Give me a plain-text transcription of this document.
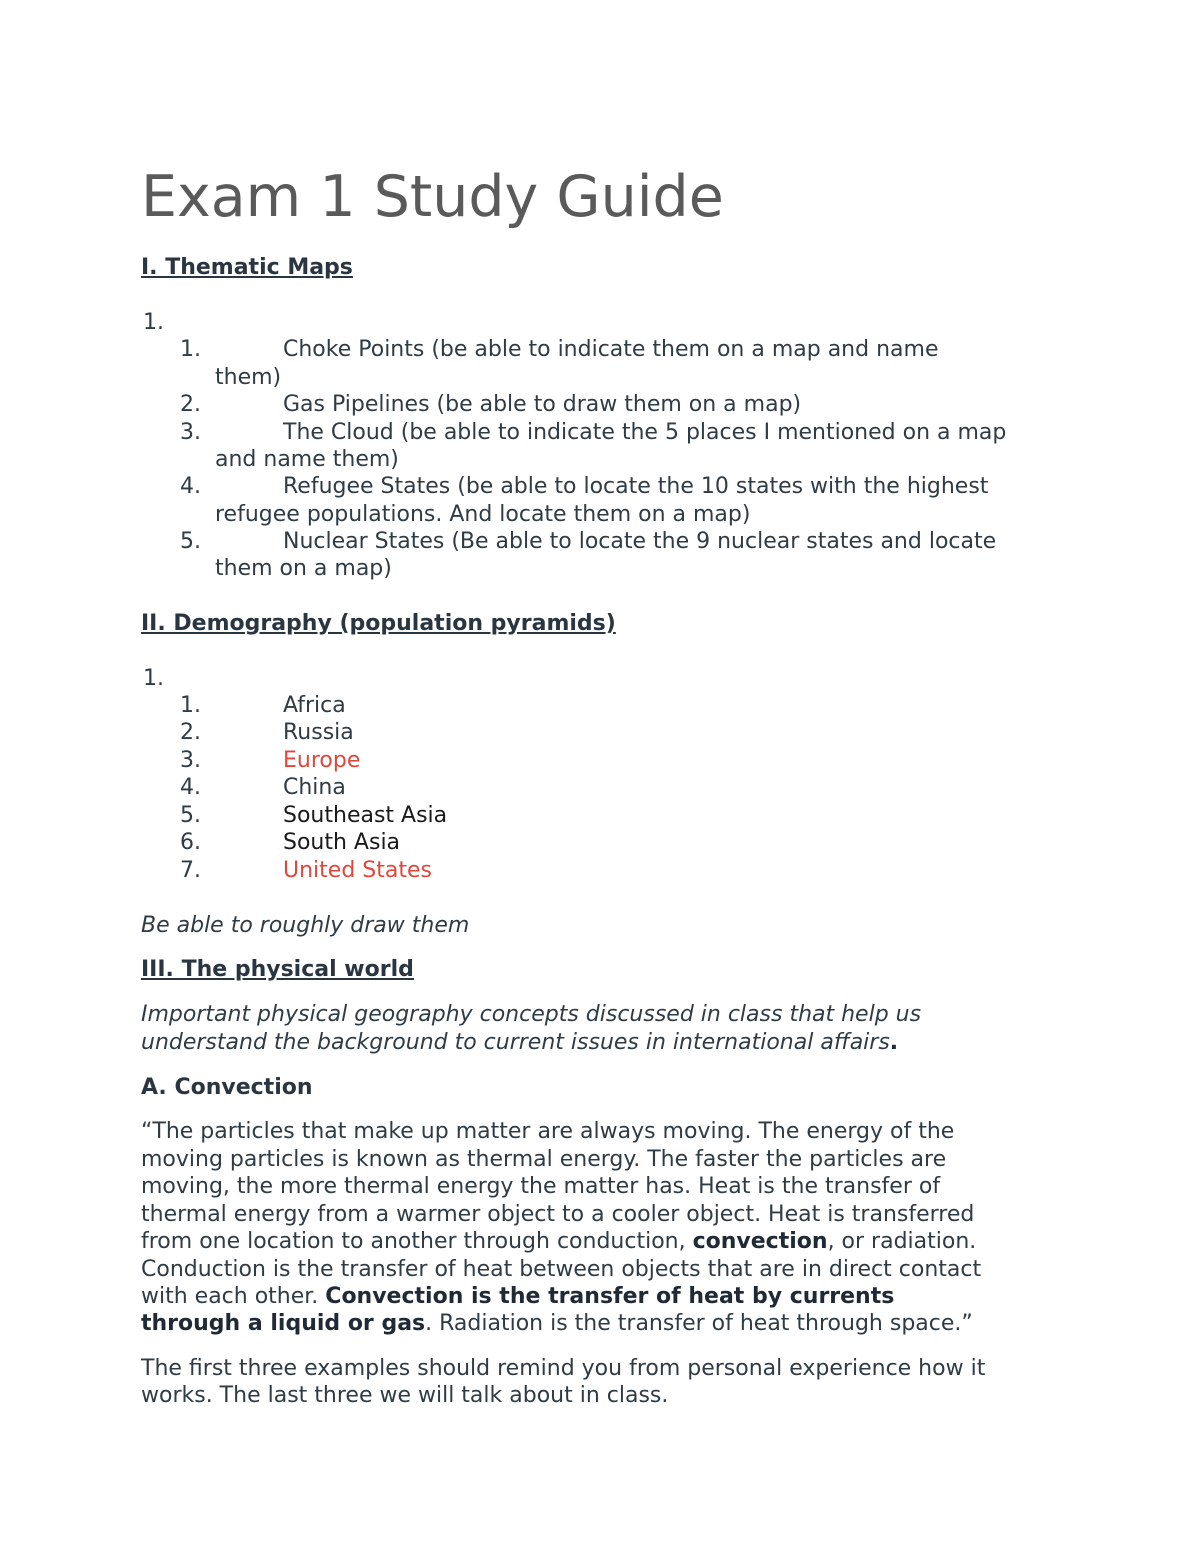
Exam 1 Study Guide
I. Thematic Maps
1.
1.	Choke Points (be able to indicate them on a map and name
them)
2.	Gas Pipelines (be able to draw them on a map)
3.	The Cloud (be able to indicate the 5 places I mentioned on a map
and name them)
4.	Refugee States (be able to locate the 10 states with the highest
refugee populations. And locate them on a map)
5.	Nuclear States (Be able to locate the 9 nuclear states and locate
them on a map)
II. Demography (population pyramids)
1.
1.	Africa
2.	Russia
3.	Europe
4.	China
5.	Southeast Asia
6.	South Asia
7.	United States
Be able to roughly draw them
III. The physical world
Important physical geography concepts discussed in class that help us
understand the background to current issues in international affairs.
A. Convection
“The particles that make up matter are always moving. The energy of the
moving particles is known as thermal energy. The faster the particles are
moving, the more thermal energy the matter has. Heat is the transfer of
thermal energy from a warmer object to a cooler object. Heat is transferred
from one location to another through conduction, convection, or radiation.
Conduction is the transfer of heat between objects that are in direct contact
with each other. Convection is the transfer of heat by currents
through a liquid or gas. Radiation is the transfer of heat through space.”
The first three examples should remind you from personal experience how it
works. The last three we will talk about in class.
